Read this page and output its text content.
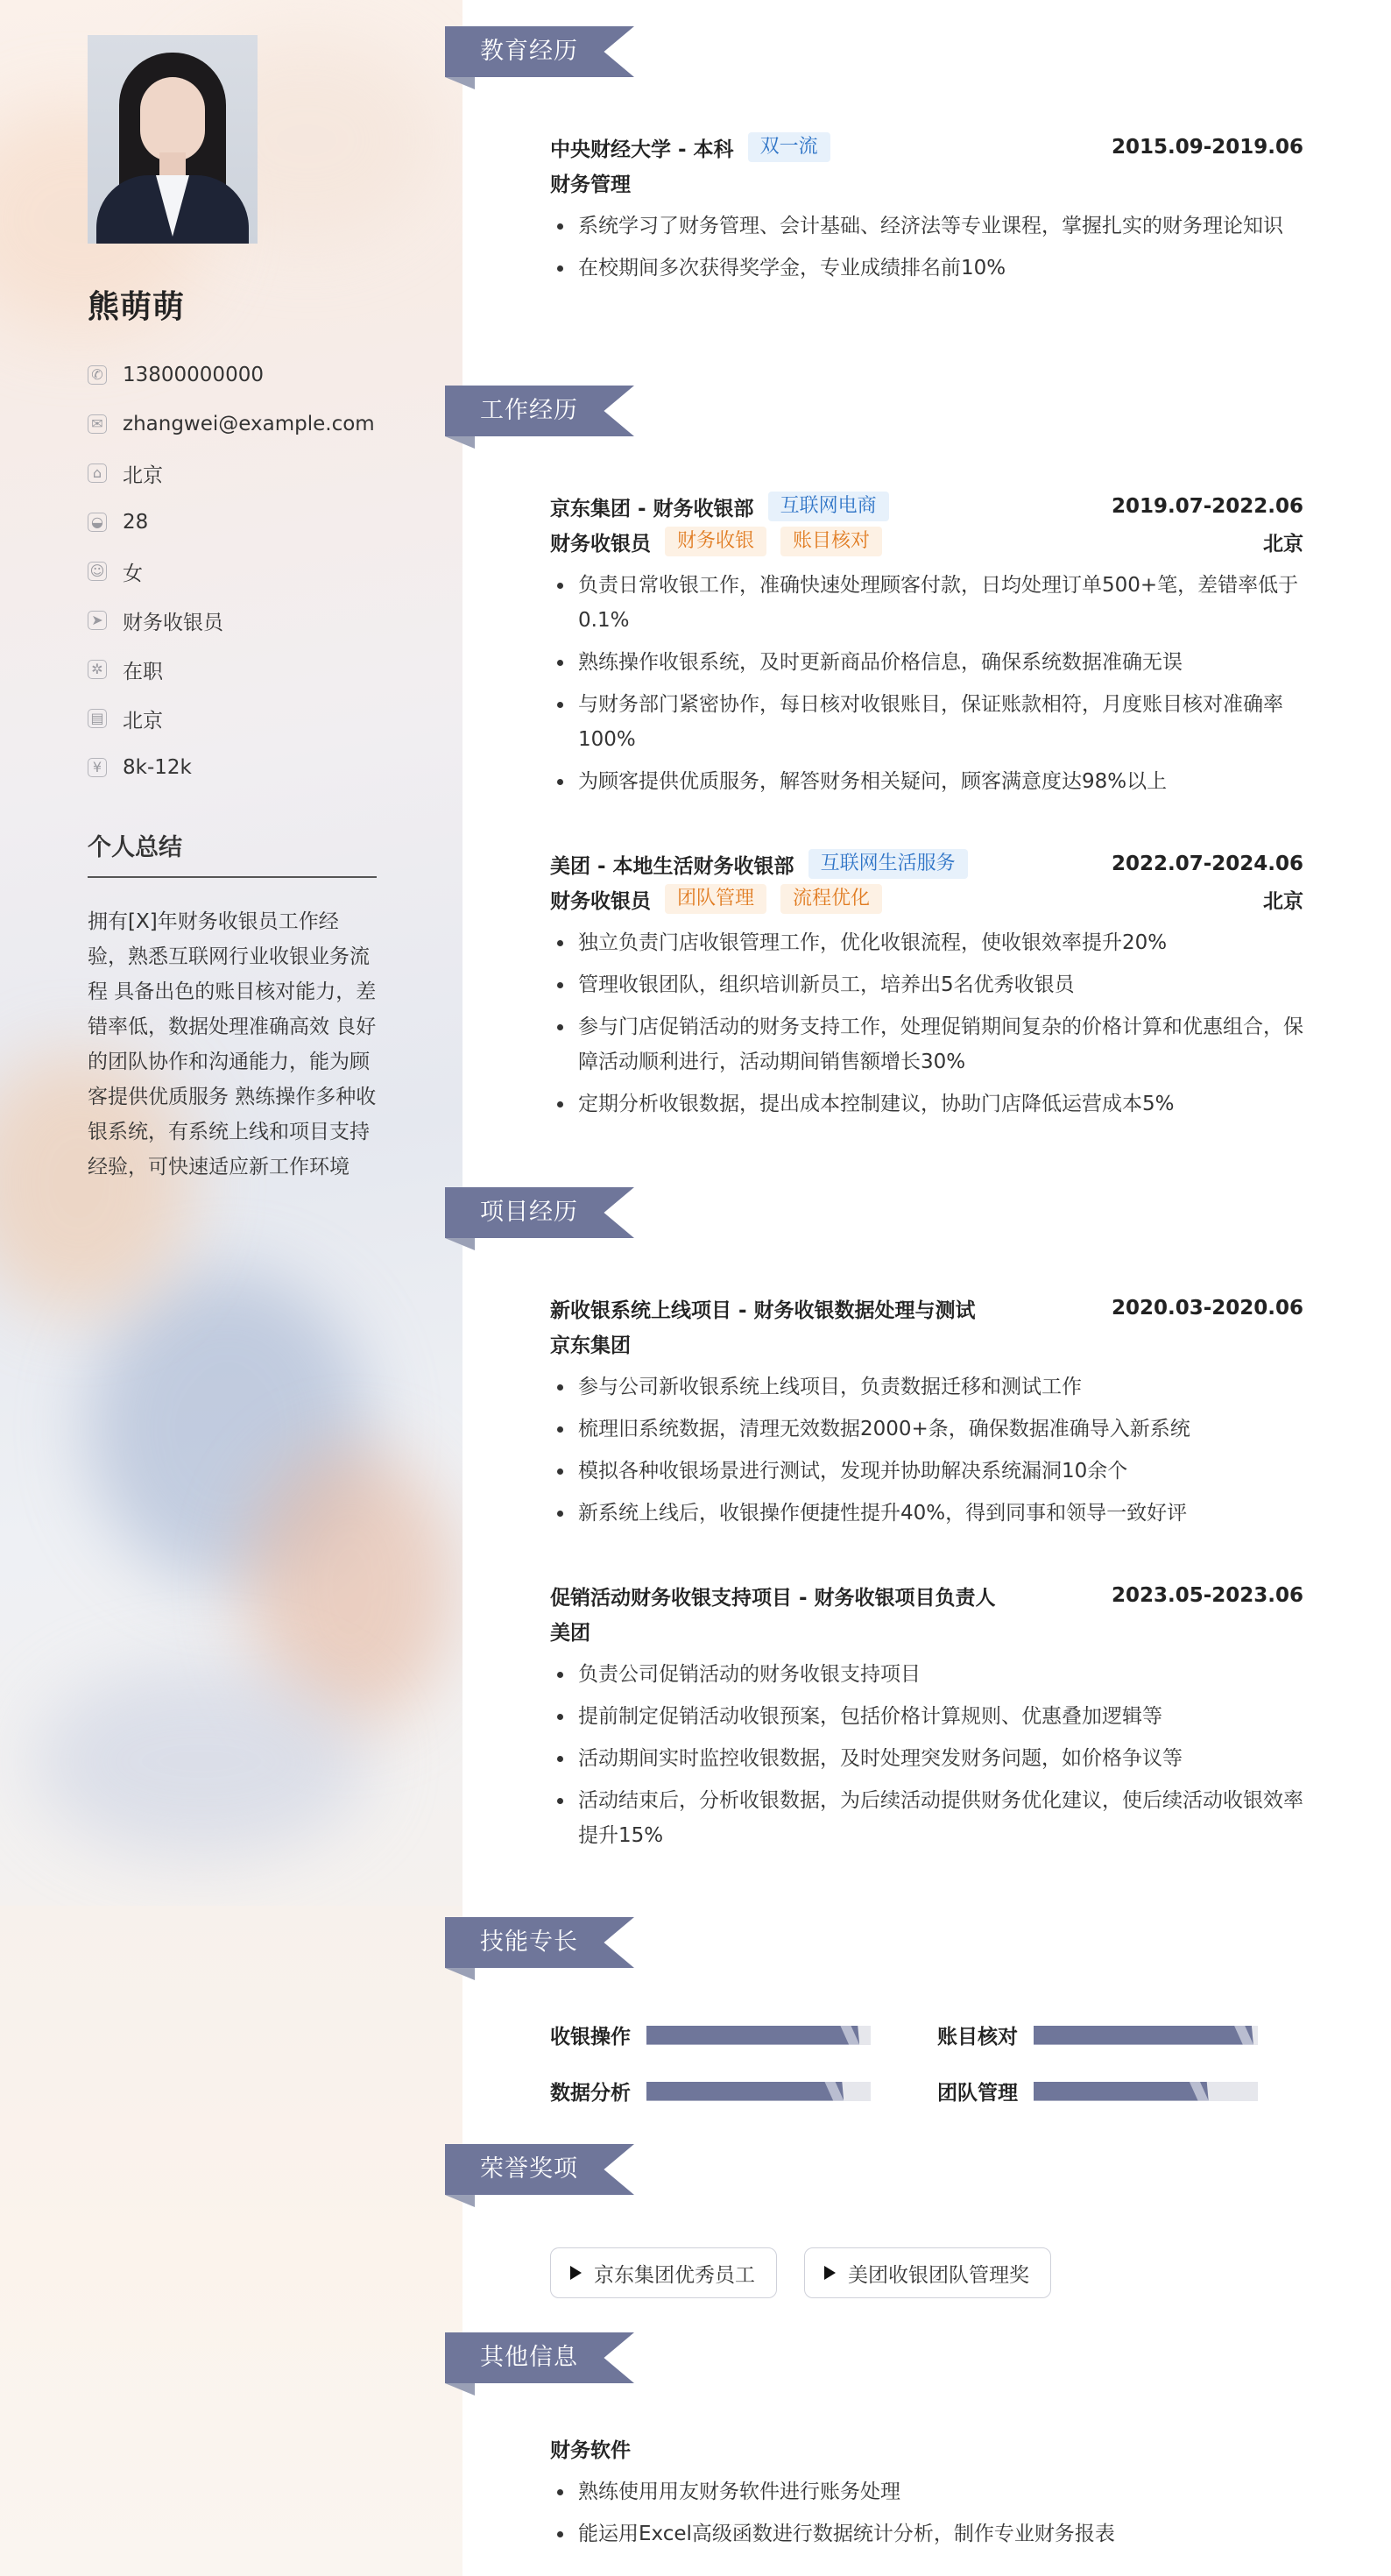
熊萌萌
✆ 13800000000
✉ zhangwei@example.com
⌂ 北京
◒ 28
☺ 女
➤ 财务收银员
✲ 在职
▤ 北京
¥ 8k-12k
个人总结
拥有[X]年财务收银员工作经验，熟悉互联网行业收银业务流程 具备出色的账目核对能力，差错率低，数据处理准确高效 良好的团队协作和沟通能力，能为顾客提供优质服务 熟练操作多种收银系统，有系统上线和项目支持经验，可快速适应新工作环境
教育经历
中央财经大学 - 本科	双一流	2015.09-2019.06
财务管理
系统学习了财务管理、会计基础、经济法等专业课程，掌握扎实的财务理论知识
在校期间多次获得奖学金，专业成绩排名前10%
工作经历
京东集团 - 财务收银部	互联网电商	2019.07-2022.06
财务收银员	财务收银	账目核对	北京
负责日常收银工作，准确快速处理顾客付款，日均处理订单500+笔，差错率低于0.1%
熟练操作收银系统，及时更新商品价格信息，确保系统数据准确无误
与财务部门紧密协作，每日核对收银账目，保证账款相符，月度账目核对准确率100%
为顾客提供优质服务，解答财务相关疑问，顾客满意度达98%以上
美团 - 本地生活财务收银部	互联网生活服务	2022.07-2024.06
财务收银员	团队管理	流程优化	北京
独立负责门店收银管理工作，优化收银流程，使收银效率提升20%
管理收银团队，组织培训新员工，培养出5名优秀收银员
参与门店促销活动的财务支持工作，处理促销期间复杂的价格计算和优惠组合，保障活动顺利进行，活动期间销售额增长30%
定期分析收银数据，提出成本控制建议，协助门店降低运营成本5%
项目经历
新收银系统上线项目 - 财务收银数据处理与测试	2020.03-2020.06
京东集团
参与公司新收银系统上线项目，负责数据迁移和测试工作
梳理旧系统数据，清理无效数据2000+条，确保数据准确导入新系统
模拟各种收银场景进行测试，发现并协助解决系统漏洞10余个
新系统上线后，收银操作便捷性提升40%，得到同事和领导一致好评
促销活动财务收银支持项目 - 财务收银项目负责人	2023.05-2023.06
美团
负责公司促销活动的财务收银支持项目
提前制定促销活动收银预案，包括价格计算规则、优惠叠加逻辑等
活动期间实时监控收银数据，及时处理突发财务问题，如价格争议等
活动结束后，分析收银数据，为后续活动提供财务优化建议，使后续活动收银效率提升15%
技能专长
收银操作	账目核对
数据分析	团队管理
荣誉奖项
京东集团优秀员工	美团收银团队管理奖
其他信息
财务软件
熟练使用用友财务软件进行账务处理
能运用Excel高级函数进行数据统计分析，制作专业财务报表
